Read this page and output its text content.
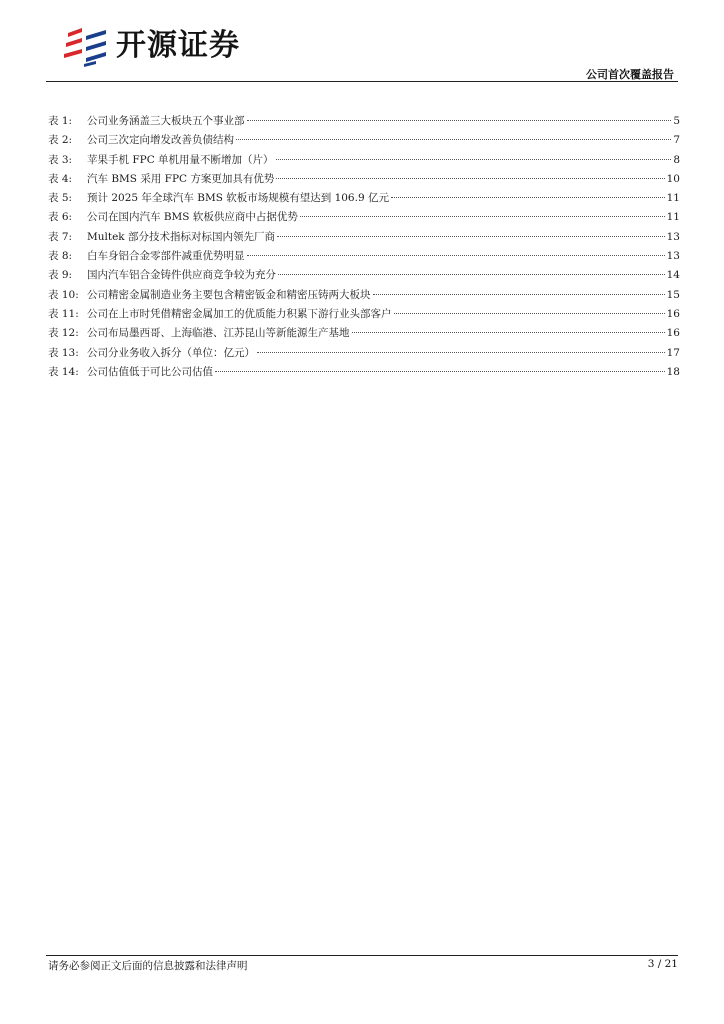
开源证券
公司首次覆盖报告
表 1:	公司业务涵盖三大板块五个事业部	5
表 2:	公司三次定向增发改善负债结构	7
表 3:	苹果手机 FPC 单机用量不断增加（片）	8
表 4:	汽车 BMS 采用 FPC 方案更加具有优势	10
表 5:	预计 2025 年全球汽车 BMS 软板市场规模有望达到 106.9 亿元	11
表 6:	公司在国内汽车 BMS 软板供应商中占据优势	11
表 7:	Multek 部分技术指标对标国内领先厂商	13
表 8:	白车身铝合金零部件减重优势明显	13
表 9:	国内汽车铝合金铸件供应商竞争较为充分	14
表 10: 公司精密金属制造业务主要包含精密钣金和精密压铸两大板块	15
表 11: 公司在上市时凭借精密金属加工的优质能力积累下游行业头部客户	16
表 12: 公司布局墨西哥、上海临港、江苏昆山等新能源生产基地	16
表 13: 公司分业务收入拆分（单位：亿元）	17
表 14: 公司估值低于可比公司估值	18
请务必参阅正文后面的信息披露和法律声明	3 / 21
